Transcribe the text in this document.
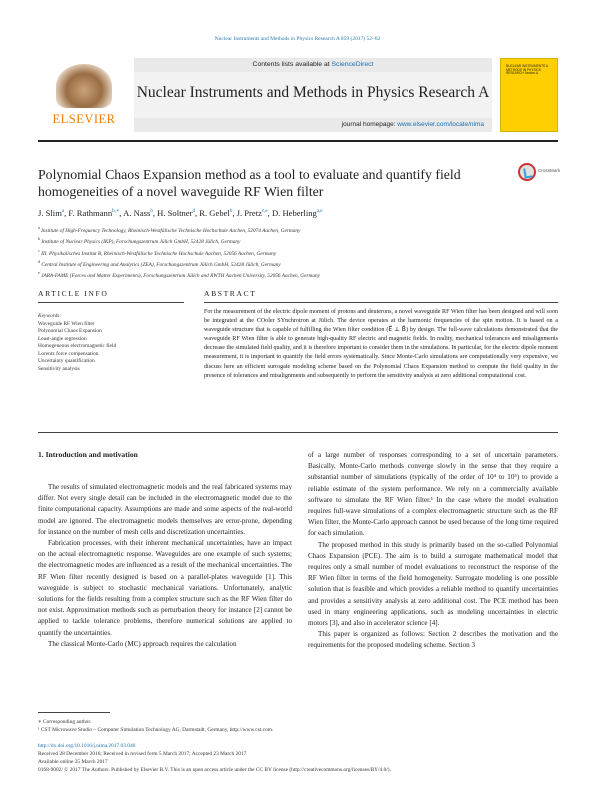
Nuclear Instruments and Methods in Physics Research A 859 (2017) 52–62
ELSEVIER
Contents lists available at ScienceDirect
Nuclear Instruments and Methods in Physics Research A
journal homepage: www.elsevier.com/locate/nima
NUCLEAR INSTRUMENTS & METHODS IN PHYSICS RESEARCH Section A
Polynomial Chaos Expansion method as a tool to evaluate and quantify field homogeneities of a novel waveguide RF Wien filter
CrossMark
J. Slim$^a$, F. Rathmann$^{b,∗}$, A. Nass$^b$, H. Soltner$^d$, R. Gebel$^b$, J. Pretz$^{c,e}$, D. Heberling$^{a,e}$
$^a$ Institute of High-Frequency Technology, Rheinisch-Westfälische Technische Hochschule Aachen, 52074 Aachen, Germany
$^b$ Institute of Nuclear Physics (IKP), Forschungszentrum Jülich GmbH, 52428 Jülich, Germany
$^c$ III. Physikalisches Institut B, Rheinisch-Westfälische Technische Hochschule Aachen, 52056 Aachen, Germany
$^d$ Central Institute of Engineering and Analytics (ZEA), Forschungszentrum Jülich GmbH, 52428 Jülich, Germany
$^e$ JARA-FAME (Forces and Matter Experiments), Forschungszentrum Jülich and RWTH Aachen University, 52056 Aachen, Germany
ARTICLE INFO	ABSTRACT
Keywords:
Waveguide RF Wien filter
Polynomial Chaos Expansion
Least-angle regression
Homogeneous electromagnetic field
Lorentz force compensation
Uncertainty quantification
Sensitivity analysis
For the measurement of the electric dipole moment of protons and deuterons, a novel waveguide RF Wien filter has been designed and will soon be integrated at the COoler SYnchrotron at Jülich. The device operates at the harmonic frequencies of the spin motion. It is based on a waveguide structure that is capable of fulfilling the Wien filter condition (E⃗ ⊥ B⃗) by design. The full-wave calculations demonstrated that the waveguide RF Wien filter is able to generate high-quality RF electric and magnetic fields. In reality, mechanical tolerances and misalignments decrease the simulated field quality, and it is therefore important to consider them in the simulations. In particular, for the electric dipole moment measurement, it is important to quantify the field errors systematically. Since Monte-Carlo simulations are computationally very expensive, we discuss here an efficient surrogate modeling scheme based on the Polynomial Chaos Expansion method to compute the field quality in the presence of tolerances and misalignments and subsequently to perform the sensitivity analysis at zero additional computational cost.
1. Introduction and motivation

The results of simulated electromagnetic models and the real fabricated systems may differ. Not every single detail can be included in the electromagnetic model due to the finite computational capacity. Assumptions are made and some aspects of the real-world model are ignored. The electromagnetic models themselves are error-prone, depending for instance on the number of mesh cells and discretization uncertainties.

Fabrication processes, with their inherent mechanical uncertainties, have an impact on the actual electromagnetic response. Waveguides are one example of such systems; the electromagnetic modes are influenced as a result of the mechanical uncertainties. The RF Wien filter recently designed is based on a parallel-plates waveguide [1]. This waveguide is subject to stochastic mechanical variations. Unfortunately, analytic solutions for the fields resulting from a complex structure such as the RF Wien filter do not exist. Approximation methods such as perturbation theory for instance [2] cannot be applied to tackle tolerance problems, therefore numerical solutions are applied to quantify the uncertainties.

The classical Monte-Carlo (MC) approach requires the calculation

of a large number of responses corresponding to a set of uncertain parameters. Basically, Monte-Carlo methods converge slowly in the sense that they require a substantial number of simulations (typically of the order of 10⁴ to 10⁵) to provide a reliable estimate of the system performance. We rely on a commercially available software to simulate the RF Wien filter.¹ In the case where the model evaluation requires full-wave simulations of a complex electromagnetic structure such as the RF Wien filter, the Monte-Carlo approach cannot be used because of the long time required for each simulation.

The proposed method in this study is primarily based on the so-called Polynomial Chaos Expansion (PCE). The aim is to build a surrogate mathematical model that requires only a small number of model evaluations to reconstruct the response of the RF Wien filter in terms of the field homogeneity. Surrogate modeling is one possible solution that is feasible and which provides a reliable method to quantify uncertainties and provides a sensitivity analysis at zero additional cost. The PCE method has been used in many engineering applications, such as modeling uncertainties in electric motors [3], and also in accelerator science [4].

This paper is organized as follows: Section 2 describes the motivation and the requirements for the proposed modeling scheme. Section 3

∗ Corresponding author.
¹ CST Microwave Studio – Computer Simulation Technology AG, Darmstadt, Germany, http://www.cst.com.
http://dx.doi.org/10.1016/j.nima.2017.03.040
Received 28 December 2016; Received in revised form 5 March 2017; Accepted 23 March 2017
Available online 25 March 2017
0168-9002/ © 2017 The Authors. Published by Elsevier B.V. This is an open access article under the CC BY license (http://creativecommons.org/licenses/BY/4.0/).
